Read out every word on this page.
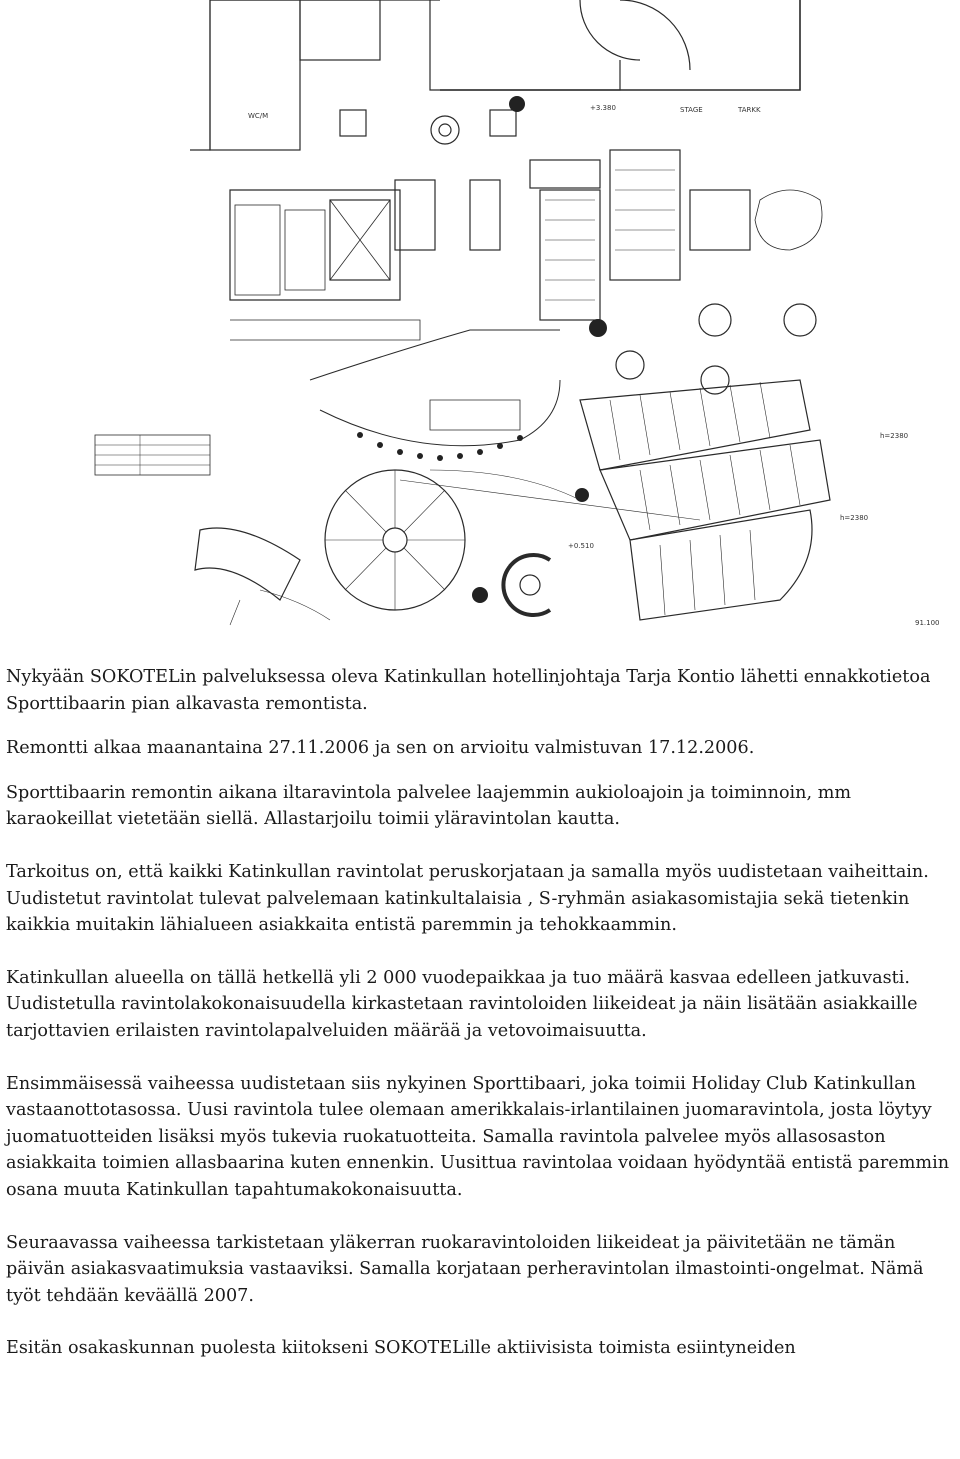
WC/M
STAGE
+3.380	TARKK
+0.510
h=2380
h=2380
91.100

Nykyään SOKOTELin palveluksessa oleva Katinkullan hotellinjohtaja Tarja Kontio lähetti ennakkotietoa Sporttibaarin pian alkavasta remontista.

Remontti alkaa maanantaina 27.11.2006 ja sen on arvioitu valmistuvan 17.12.2006.

Sporttibaarin remontin aikana iltaravintola palvelee laajemmin aukioloajoin ja toiminnoin, mm karaokeillat vietetään siellä. Allastarjoilu toimii yläravintolan kautta.

Tarkoitus on, että kaikki Katinkullan ravintolat peruskorjataan ja samalla myös uudistetaan vaiheittain. Uudistetut ravintolat tulevat palvelemaan katinkultalaisia , S-ryhmän asiakasomistajia sekä tietenkin kaikkia muitakin lähialueen asiakkaita entistä paremmin ja tehokkaammin.

Katinkullan alueella on tällä hetkellä yli 2 000 vuodepaikkaa ja tuo määrä kasvaa edelleen jatkuvasti. Uudistetulla ravintolakokonaisuudella kirkastetaan ravintoloiden liikeideat ja näin lisätään asiakkaille tarjottavien erilaisten ravintolapalveluiden määrää ja vetovoimaisuutta.

Ensimmäisessä vaiheessa uudistetaan siis nykyinen Sporttibaari, joka toimii Holiday Club Katinkullan vastaanottotasossa. Uusi ravintola tulee olemaan amerikkalais-irlantilainen juomaravintola, josta löytyy juomatuotteiden lisäksi myös tukevia ruokatuotteita. Samalla ravintola palvelee myös allasosaston asiakkaita toimien allasbaarina kuten ennenkin. Uusittua ravintolaa voidaan hyödyntää entistä paremmin osana muuta Katinkullan tapahtumakokonaisuutta.

Seuraavassa vaiheessa tarkistetaan yläkerran ruokaravintoloiden liikeideat ja päivitetään ne tämän päivän asiakasvaatimuksia vastaaviksi. Samalla korjataan perheravintolan ilmastointi-ongelmat. Nämä työt tehdään keväällä 2007.

Esitän osakaskunnan puolesta kiitokseni SOKOTELille aktiivisista toimista esiintyneiden
